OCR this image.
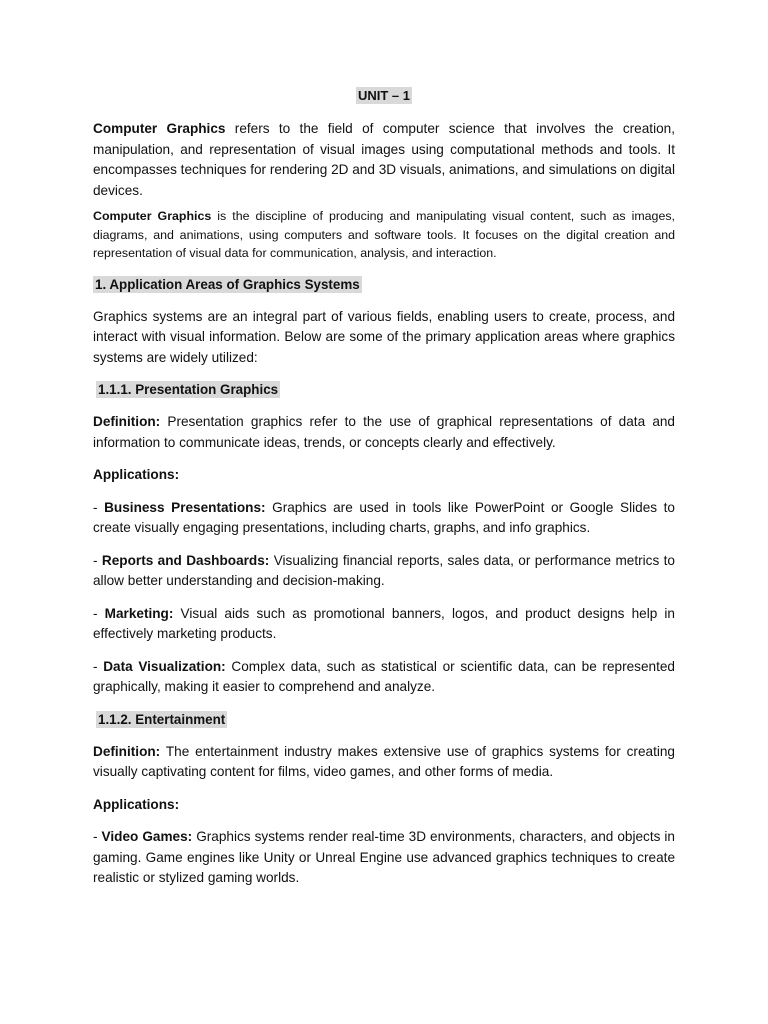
UNIT – 1

Computer Graphics refers to the field of computer science that involves the creation, manipulation, and representation of visual images using computational methods and tools. It encompasses techniques for rendering 2D and 3D visuals, animations, and simulations on digital devices.

Computer Graphics is the discipline of producing and manipulating visual content, such as images, diagrams, and animations, using computers and software tools. It focuses on the digital creation and representation of visual data for communication, analysis, and interaction.

1. Application Areas of Graphics Systems

Graphics systems are an integral part of various fields, enabling users to create, process, and interact with visual information. Below are some of the primary application areas where graphics systems are widely utilized:

1.1.1. Presentation Graphics

Definition: Presentation graphics refer to the use of graphical representations of data and information to communicate ideas, trends, or concepts clearly and effectively.

Applications:

- Business Presentations: Graphics are used in tools like PowerPoint or Google Slides to create visually engaging presentations, including charts, graphs, and info graphics.

- Reports and Dashboards: Visualizing financial reports, sales data, or performance metrics to allow better understanding and decision-making.

- Marketing: Visual aids such as promotional banners, logos, and product designs help in effectively marketing products.

- Data Visualization: Complex data, such as statistical or scientific data, can be represented graphically, making it easier to comprehend and analyze.

1.1.2. Entertainment

Definition: The entertainment industry makes extensive use of graphics systems for creating visually captivating content for films, video games, and other forms of media.

Applications:

- Video Games: Graphics systems render real-time 3D environments, characters, and objects in gaming. Game engines like Unity or Unreal Engine use advanced graphics techniques to create realistic or stylized gaming worlds.
